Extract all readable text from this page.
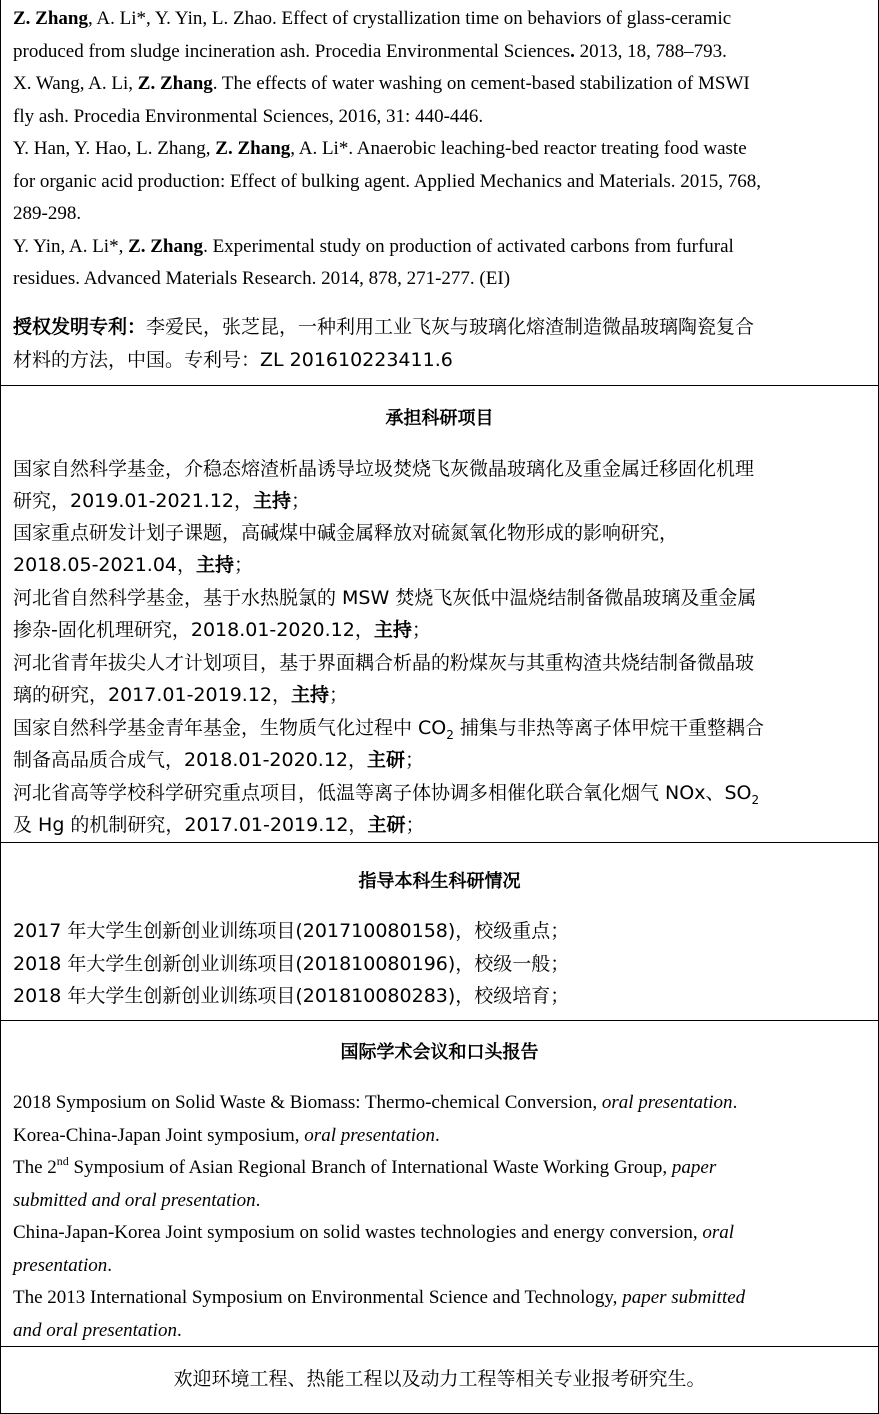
Z. Zhang, A. Li*, Y. Yin, L. Zhao. Effect of crystallization time on behaviors of glass-ceramic
produced from sludge incineration ash. Procedia Environmental Sciences. 2013, 18, 788–793.
X. Wang, A. Li, Z. Zhang. The effects of water washing on cement-based stabilization of MSWI
fly ash. Procedia Environmental Sciences, 2016, 31: 440-446.
Y. Han, Y. Hao, L. Zhang, Z. Zhang, A. Li*. Anaerobic leaching-bed reactor treating food waste
for organic acid production: Effect of bulking agent. Applied Mechanics and Materials. 2015, 768,
289-298.
Y. Yin, A. Li*, Z. Zhang. Experimental study on production of activated carbons from furfural
residues. Advanced Materials Research. 2014, 878, 271-277. (EI)
授权发明专利：李爱民，张芝昆，一种利用工业飞灰与玻璃化熔渣制造微晶玻璃陶瓷复合
材料的方法，中国。专利号：ZL 201610223411.6
承担科研项目
国家自然科学基金，介稳态熔渣析晶诱导垃圾焚烧飞灰微晶玻璃化及重金属迁移固化机理
研究，2019.01-2021.12，主持；
国家重点研发计划子课题，高碱煤中碱金属释放对硫氮氧化物形成的影响研究，
2018.05-2021.04，主持；
河北省自然科学基金，基于水热脱氯的 MSW 焚烧飞灰低中温烧结制备微晶玻璃及重金属
掺杂-固化机理研究，2018.01-2020.12，主持；
河北省青年拔尖人才计划项目，基于界面耦合析晶的粉煤灰与其重构渣共烧结制备微晶玻
璃的研究，2017.01-2019.12，主持；
国家自然科学基金青年基金，生物质气化过程中 $CO_2$ 捕集与非热等离子体甲烷干重整耦合
制备高品质合成气，2018.01-2020.12，主研；
河北省高等学校科学研究重点项目，低温等离子体协调多相催化联合氧化烟气 NOx、$SO_2$
及 Hg 的机制研究，2017.01-2019.12，主研；
指导本科生科研情况
2017 年大学生创新创业训练项目(201710080158)，校级重点；
2018 年大学生创新创业训练项目(201810080196)，校级一般；
2018 年大学生创新创业训练项目(201810080283)，校级培育；
国际学术会议和口头报告
2018 Symposium on Solid Waste & Biomass: Thermo-chemical Conversion, oral presentation.
Korea-China-Japan Joint symposium, oral presentation.
The 2nd Symposium of Asian Regional Branch of International Waste Working Group, paper
submitted and oral presentation.
China-Japan-Korea Joint symposium on solid wastes technologies and energy conversion, oral
presentation.
The 2013 International Symposium on Environmental Science and Technology, paper submitted
and oral presentation.
欢迎环境工程、热能工程以及动力工程等相关专业报考研究生。
